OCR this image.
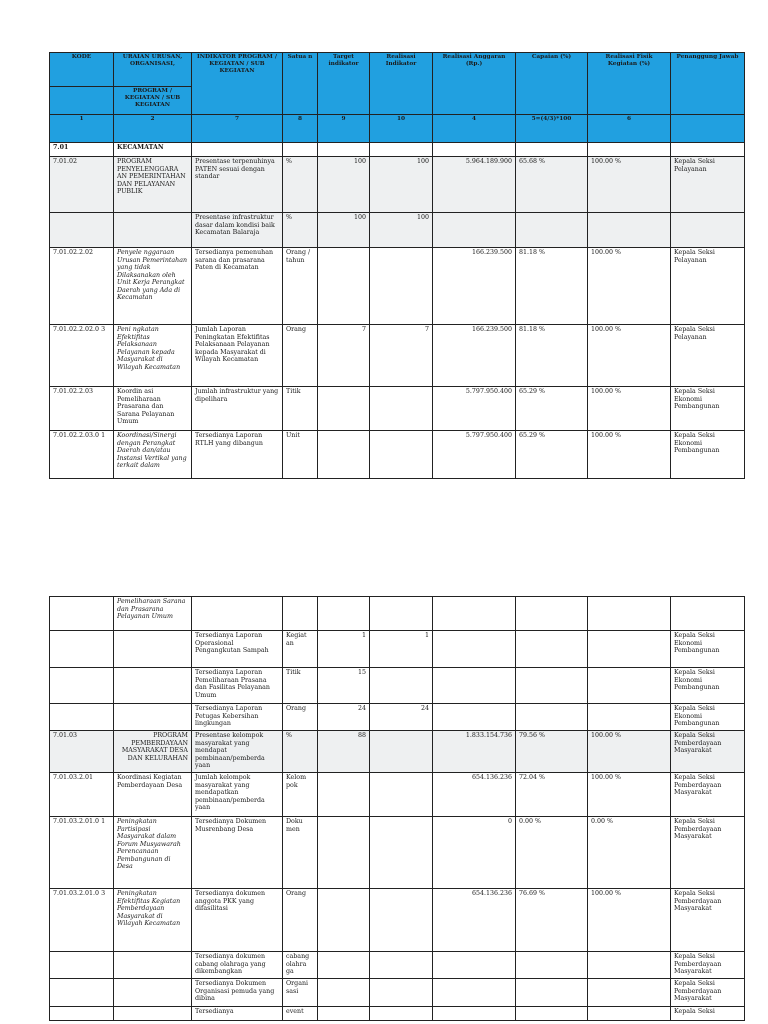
KODE	URAIAN URUSAN, ORGANISASI,	INDIKATOR PROGRAM / KEGIATAN / SUB KEGIATAN	Satua n	Target indikator	Realisasi Indikator	Realisasi Anggaran (Rp.)	Capaian (%)	Realisasi Fisik Kegiatan (%)	Penanggung Jawab
	PROGRAM / KEGIATAN / SUB KEGIATAN								
1	2	7	8	9	10	4	5=(4/3)*100	6	
7.01	KECAMATAN								
7.01.02	PROGRAM PENYELENGGARA AN PEMERINTAHAN DAN PELAYANAN PUBLIK	Presentase terpenuhinya PATEN sesuai dengan standar	%	100	100	5.964.189.900	65.68 %	100.00 %	Kepala Seksi Pelayanan
		Presentase infrastruktur dasar dalam kondisi baik Kecamatan Balaraja	%	100	100				
7.01.02.2.02	Penyele nggaraan Urusan Pemerintahan yang tidak Dilaksanakan oleh Unit Kerja Perangkat Daerah yang Ada di Kecamatan	Tersedianya pemenuhan sarana dan prasarana Paten di Kecamatan	Orang / tahun			166.239.500	81.18 %	100.00 %	Kepala Seksi Pelayanan
7.01.02.2.02.0 3	Peni ngkatan Efektifitas Pelaksanaan Pelayanan kepada Masyarakat di Wilayah Kecamatan	Jumlah Laporan Peningkatan Efektifitas Pelaksanaan Pelayanan kepada Masyarakat di Wilayah Kecamatan	Orang	7	7	166.239.500	81.18 %	100.00 %	Kepala Seksi Pelayanan
7.01.02.2.03	Koordin asi Pemeliharaan Prasarana dan Sarana Pelayanan Umum	Jumlah infrastruktur yang dipelihara	Titik			5.797.950.400	65.29 %	100.00 %	Kepala Seksi Ekonomi Pembangunan
7.01.02.2.03.0 1	Koordinasi/Sinergi dengan Perangkat Daerah dan/atau Instansi Vertikal yang terkait dalam	Tersedianya Laporan RTLH yang dibangun	Unit			5.797.950.400	65.29 %	100.00 %	Kepala Seksi Ekonomi Pembangunan
	Pemeliharaan Sarana dan Prasarana Pelayanan Umum								
		Tersedianya Laporan Operasional Pengangkutan Sampah	Kegiat an	1	1				Kepala Seksi Ekonomi Pembangunan
		Tersedianya Laporan Pemeliharaan Prasana dan Fasilitas Pelayanan Umum	Titik	15					Kepala Seksi Ekonomi Pembangunan
		Tersedianya Laporan Petugas Kebersihan lingkungan	Orang	24	24				Kepala Seksi Ekonomi Pembangunan
7.01.03	PROGRAM PEMBERDAYAAN MASYARAKAT DESA DAN KELURAHAN	Presentase kelompok masyarakat yang mendapat pembinaan/pemberda yaan	%	88		1.833.154.736	79.56 %	100.00 %	Kepala Seksi Pemberdayaan Masyarakat
7.01.03.2.01	Koordinasi Kegiatan Pemberdayaan Desa	Jumlah kelompok masyarakat yang mendapatkan pembinaan/pemberda yaan	Kelom pok			654.136.236	72.04 %	100.00 %	Kepala Seksi Pemberdayaan Masyarakat
7.01.03.2.01.0 1	Peningkatan Partisipasi Masyarakat dalam Forum Musyawarah Perencanaan Pembangunan di Desa	Tersedianya Dokumen Musrenbang Desa	Doku men			0	0.00 %	0.00 %	Kepala Seksi Pemberdayaan Masyarakat
7.01.03.2.01.0 3	Peningkatan Efektifitas Kegiatan Pemberdayaan Masyarakat di Wilayah Kecamatan	Tersedianya dokumen anggota PKK yang difasilitasi	Orang			654.136.236	76.69 %	100.00 %	Kepala Seksi Pemberdayaan Masyarakat
		Tersedianya dokumen cabang olahraga yang dikembangkan	cabang olahra ga						Kepala Seksi Pemberdayaan Masyarakat
		Tersedianya Dokumen Organisasi pemuda yang dibina	Organi sasi						Kepala Seksi Pemberdayaan Masyarakat
		Tersedianya	event						Kepala Seksi
